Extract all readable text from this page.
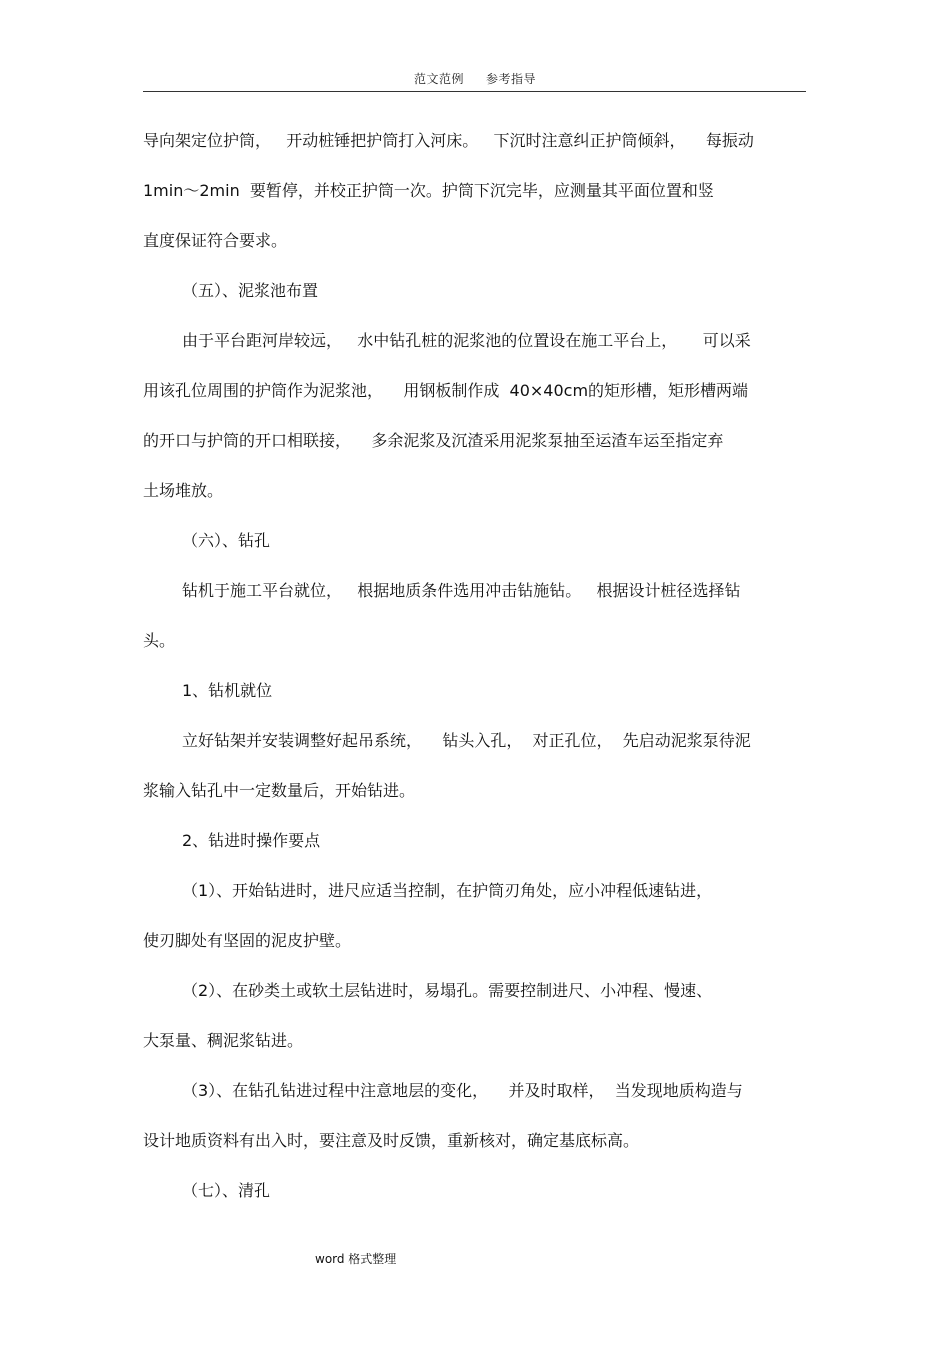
范文范例 参考指导
导向架定位护筒，   开动桩锤把护筒打入河床。   下沉时注意纠正护筒倾斜，    每振动
1min～2min  要暂停，并校正护筒一次。护筒下沉完毕，应测量其平面位置和竖
直度保证符合要求。
（五）、泥浆池布置
由于平台距河岸较远，   水中钻孔桩的泥浆池的位置设在施工平台上，     可以采
用该孔位周围的护筒作为泥浆池，    用钢板制作成  40×40cm的矩形槽，矩形槽两端
的开口与护筒的开口相联接，    多余泥浆及沉渣采用泥浆泵抽至运渣车运至指定弃
土场堆放。
（六）、钻孔
钻机于施工平台就位，   根据地质条件选用冲击钻施钻。   根据设计桩径选择钻
头。
1、钻机就位
立好钻架并安装调整好起吊系统，    钻头入孔，  对正孔位，  先启动泥浆泵待泥
浆输入钻孔中一定数量后，开始钻进。
2、钻进时操作要点
（1）、开始钻进时，进尺应适当控制，在护筒刃角处，应小冲程低速钻进，
使刃脚处有坚固的泥皮护壁。
（2）、在砂类土或软土层钻进时，易塌孔。需要控制进尺、小冲程、慢速、
大泵量、稠泥浆钻进。
（3）、在钻孔钻进过程中注意地层的变化，    并及时取样，  当发现地质构造与
设计地质资料有出入时，要注意及时反馈，重新核对，确定基底标高。
（七）、清孔
word 格式整理
